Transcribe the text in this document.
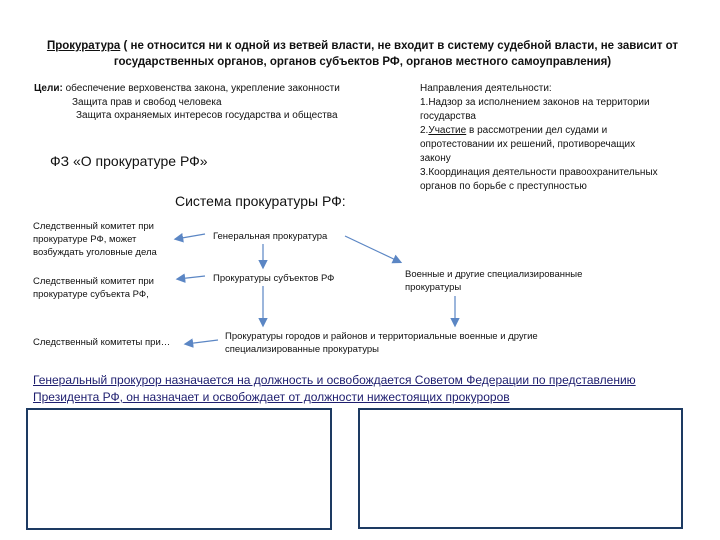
Прокуратура ( не относится ни к одной из ветвей власти, не входит в систему судебной власти, не зависит от государственных органов, органов субъектов РФ, органов местного самоуправления)
Цели: обеспечение верховенства закона, укрепление законности
Защита прав и свобод человека
Защита охраняемых интересов государства и общества
Направления деятельности:
1.Надзор за исполнением законов на территории государства
2.Участие в рассмотрении дел судами и опротестовании их решений, противоречащих закону
3.Координация деятельности правоохранительных органов по борьбе с преступностью
ФЗ «О прокуратуре РФ»
Система прокуратуры РФ:
Следственный комитет при прокуратуре РФ, может возбуждать уголовные дела
Следственный комитет при прокуратуре субъекта РФ,
Следственный комитеты при…
Генеральная прокуратура
Прокуратуры субъектов РФ	Военные и другие специализированные прокуратуры
Прокуратуры городов и районов и территориальные военные и другие специализированные прокуратуры
Генеральный прокурор назначается на должность и освобождается Советом Федерации по представлению Президента РФ, он назначает и освобождает от должности нижестоящих прокуроров
